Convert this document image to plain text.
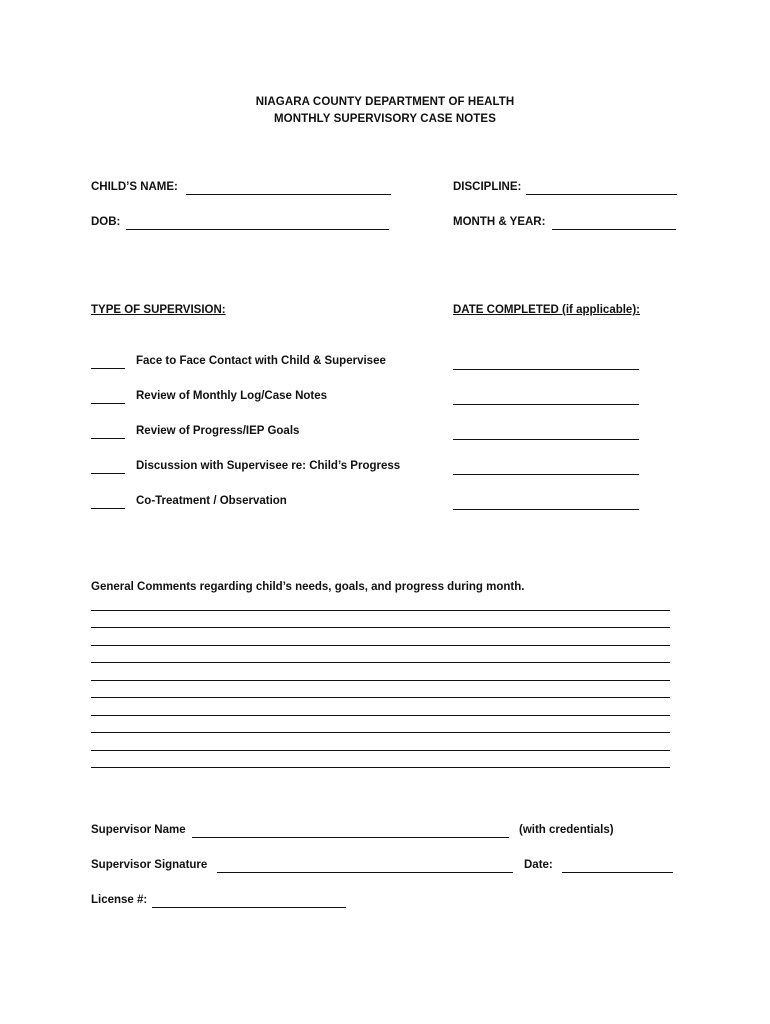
NIAGARA COUNTY DEPARTMENT OF HEALTH
MONTHLY SUPERVISORY CASE NOTES
CHILD’S NAME:	DISCIPLINE:
DOB:	MONTH & YEAR:
TYPE OF SUPERVISION:	DATE COMPLETED (if applicable):
Face to Face Contact with Child & Supervisee
Review of Monthly Log/Case Notes
Review of Progress/IEP Goals
Discussion with Supervisee re: Child’s Progress
Co-Treatment / Observation
General Comments regarding child’s needs, goals, and progress during month.
Supervisor Name	(with credentials)
Supervisor Signature	Date:
License #:
